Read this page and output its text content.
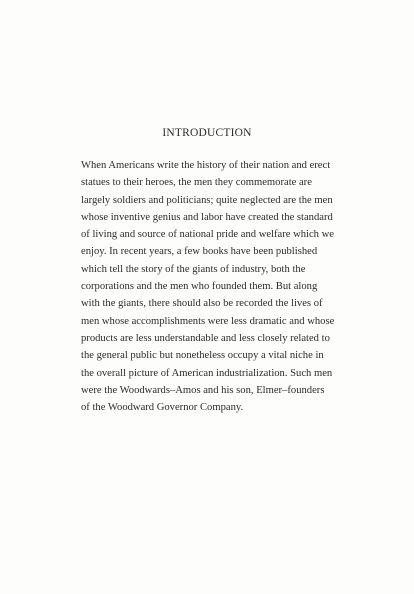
INTRODUCTION
When Americans write the history of their nation and erect
statues to their heroes, the men they commemorate are
largely soldiers and politicians; quite neglected are the men
whose inventive genius and labor have created the standard
of living and source of national pride and welfare which we
enjoy. In recent years, a few books have been published
which tell the story of the giants of industry, both the
corporations and the men who founded them. But along
with the giants, there should also be recorded the lives of
men whose accomplishments were less dramatic and whose
products are less understandable and less closely related to
the general public but nonetheless occupy a vital niche in
the overall picture of American industrialization. Such men
were the Woodwards–Amos and his son, Elmer–founders
of the Woodward Governor Company.
